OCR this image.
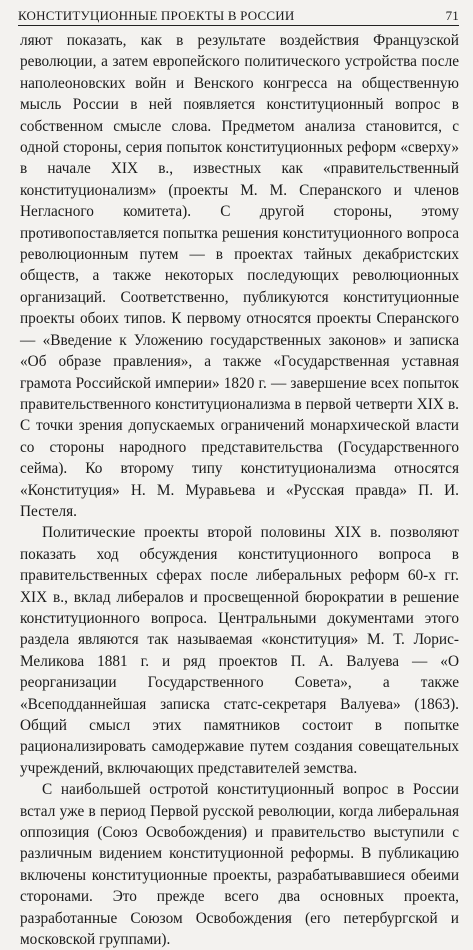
КОНСТИТУЦИОННЫЕ ПРОЕКТЫ В РОССИИ	71

ляют показать, как в результате воздействия Французской революции, а затем европейского политического устройства после наполеоновских войн и Венского конгресса на общественную мысль России в ней появляется конституционный вопрос в собственном смысле слова. Предметом анализа становится, с одной стороны, серия попыток конституционных реформ «сверху» в начале XIX в., известных как «правительственный конституционализм» (проекты М. М. Сперанского и членов Негласного комитета). С другой стороны, этому противопоставляется попытка решения конституционного вопроса революционным путем — в проектах тайных декабристских обществ, а также некоторых последующих революционных организаций. Соответственно, публикуются конституционные проекты обоих типов. К первому относятся проекты Сперанского — «Введение к Уложению государственных законов» и записка «Об образе правления», а также «Государственная уставная грамота Российской империи» 1820 г. — завершение всех попыток правительственного конституционализма в первой четверти XIX в. С точки зрения допускаемых ограничений монархической власти со стороны народного представительства (Государственного сейма). Ко второму типу конституционализма относятся «Конституция» Н. М. Муравьева и «Русская правда» П. И. Пестеля.

Политические проекты второй половины XIX в. позволяют показать ход обсуждения конституционного вопроса в правительственных сферах после либеральных реформ 60-х гг. XIX в., вклад либералов и просвещенной бюрократии в решение конституционного вопроса. Центральными документами этого раздела являются так называемая «конституция» М. Т. Лорис-Меликова 1881 г. и ряд проектов П. А. Валуева — «О реорганизации Государственного Совета», а также «Всеподданнейшая записка статс-секретаря Валуева» (1863). Общий смысл этих памятников состоит в попытке рационализировать самодержавие путем создания совещательных учреждений, включающих представителей земства.

С наибольшей остротой конституционный вопрос в России встал уже в период Первой русской революции, когда либеральная оппозиция (Союз Освобождения) и правительство выступили с различным видением конституционной реформы. В публикацию включены конституционные проекты, разрабатывавшиеся обеими сторонами. Это прежде всего два основных проекта, разработанные Союзом Освобождения (его петербургской и московской группами).
